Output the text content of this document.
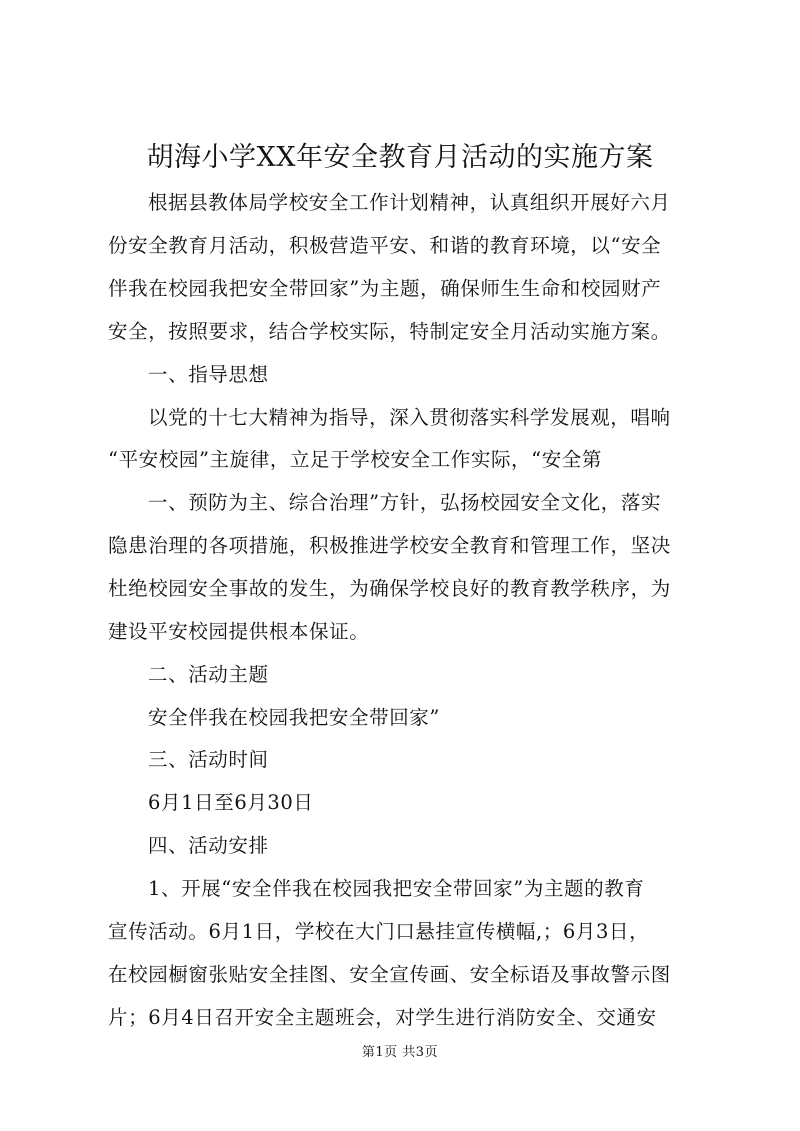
胡海小学XX年安全教育月活动的实施方案
根据县教体局学校安全工作计划精神，认真组织开展好六月
份安全教育月活动，积极营造平安、和谐的教育环境，以“安全
伴我在校园我把安全带回家”为主题，确保师生生命和校园财产
安全，按照要求，结合学校实际，特制定安全月活动实施方案。
一、指导思想
以党的十七大精神为指导，深入贯彻落实科学发展观，唱响
“平安校园”主旋律，立足于学校安全工作实际，“安全第
一、预防为主、综合治理”方针，弘扬校园安全文化，落实
隐患治理的各项措施，积极推进学校安全教育和管理工作，坚决
杜绝校园安全事故的发生，为确保学校良好的教育教学秩序，为
建设平安校园提供根本保证。
二、活动主题
安全伴我在校园我把安全带回家”
三、活动时间
6月1日至6月30日
四、活动安排
1、开展“安全伴我在校园我把安全带回家”为主题的教育
宣传活动。6月1日，学校在大门口悬挂宣传横幅,；6月3日，
在校园橱窗张贴安全挂图、安全宣传画、安全标语及事故警示图
片；6月4日召开安全主题班会，对学生进行消防安全、交通安
第1页 共3页
